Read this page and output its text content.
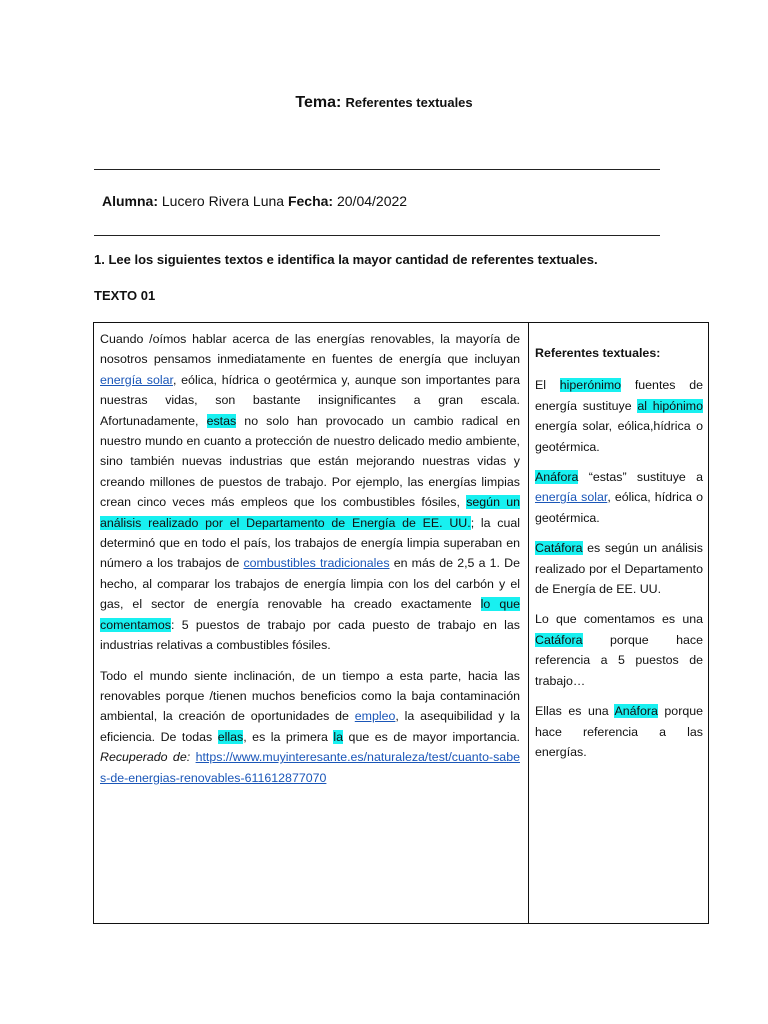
Tema: Referentes textuales
Alumna: Lucero Rivera Luna Fecha: 20/04/2022
1. Lee los siguientes textos e identifica la mayor cantidad de referentes textuales.
TEXTO 01

Cuando /oímos hablar acerca de las energías renovables, la mayoría de nosotros pensamos inmediatamente en fuentes de energía que incluyan energía solar, eólica, hídrica o geotérmica y, aunque son importantes para nuestras vidas, son bastante insignificantes a gran escala. Afortunadamente, estas no solo han provocado un cambio radical en nuestro mundo en cuanto a protección de nuestro delicado medio ambiente, sino también nuevas industrias que están mejorando nuestras vidas y creando millones de puestos de trabajo. Por ejemplo, las energías limpias crean cinco veces más empleos que los combustibles fósiles, según un análisis realizado por el Departamento de Energía de EE. UU.; la cual determinó que en todo el país, los trabajos de energía limpia superaban en número a los trabajos de combustibles tradicionales en más de 2,5 a 1. De hecho, al comparar los trabajos de energía limpia con los del carbón y el gas, el sector de energía renovable ha creado exactamente lo que comentamos: 5 puestos de trabajo por cada puesto de trabajo en las industrias relativas a combustibles fósiles.

Todo el mundo siente inclinación, de un tiempo a esta parte, hacia las renovables porque /tienen muchos beneficios como la baja contaminación ambiental, la creación de oportunidades de empleo, la asequibilidad y la eficiencia. De todas ellas, es la primera la que es de mayor importancia. Recuperado de: https://www.muyinteresante.es/naturaleza/test/cuanto-sabes-de-energias-renovables-611612877070

Referentes textuales:

El hiperónimo fuentes de energía sustituye al hipónimo energía solar, eólica,hídrica o geotérmica.

Anáfora “estas” sustituye a energía solar, eólica, hídrica o geotérmica.

Catáfora es según un análisis realizado por el Departamento de Energía de EE. UU.

Lo que comentamos es una Catáfora porque hace referencia a 5 puestos de trabajo…

Ellas es una Anáfora porque hace referencia a las energías.
